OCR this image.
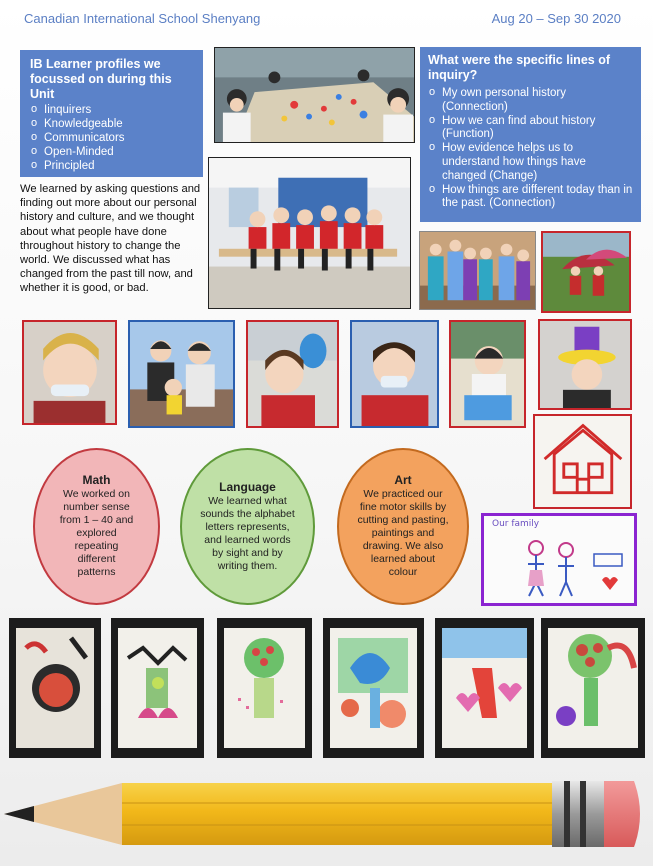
Canadian International School Shenyang	Aug 20 – Sep 30 2020
IB Learner profiles we focussed on during this Unit
o Iinquirers
o Knowledgeable
o Communicators
o Open-Minded
o Principled
What were the specific lines of inquiry?
o My own personal history (Connection)
o How we can find about history (Function)
o How evidence helps us to understand how things have changed (Change)
o How things are different today than in the past. (Connection)
We learned by asking questions and finding out more about our personal history and culture, and we thought about what people have done throughout history to change the world. We discussed what has changed from the past till now, and whether it is good, or bad.
Math
We worked on number sense from 1 – 40 and explored repeating different patterns
Language
We learned what sounds the alphabet letters represents, and learned words by sight and by writing them.
Art
We practiced our fine motor skills by cutting and pasting, paintings and drawing. We also learned about colour
Our family
